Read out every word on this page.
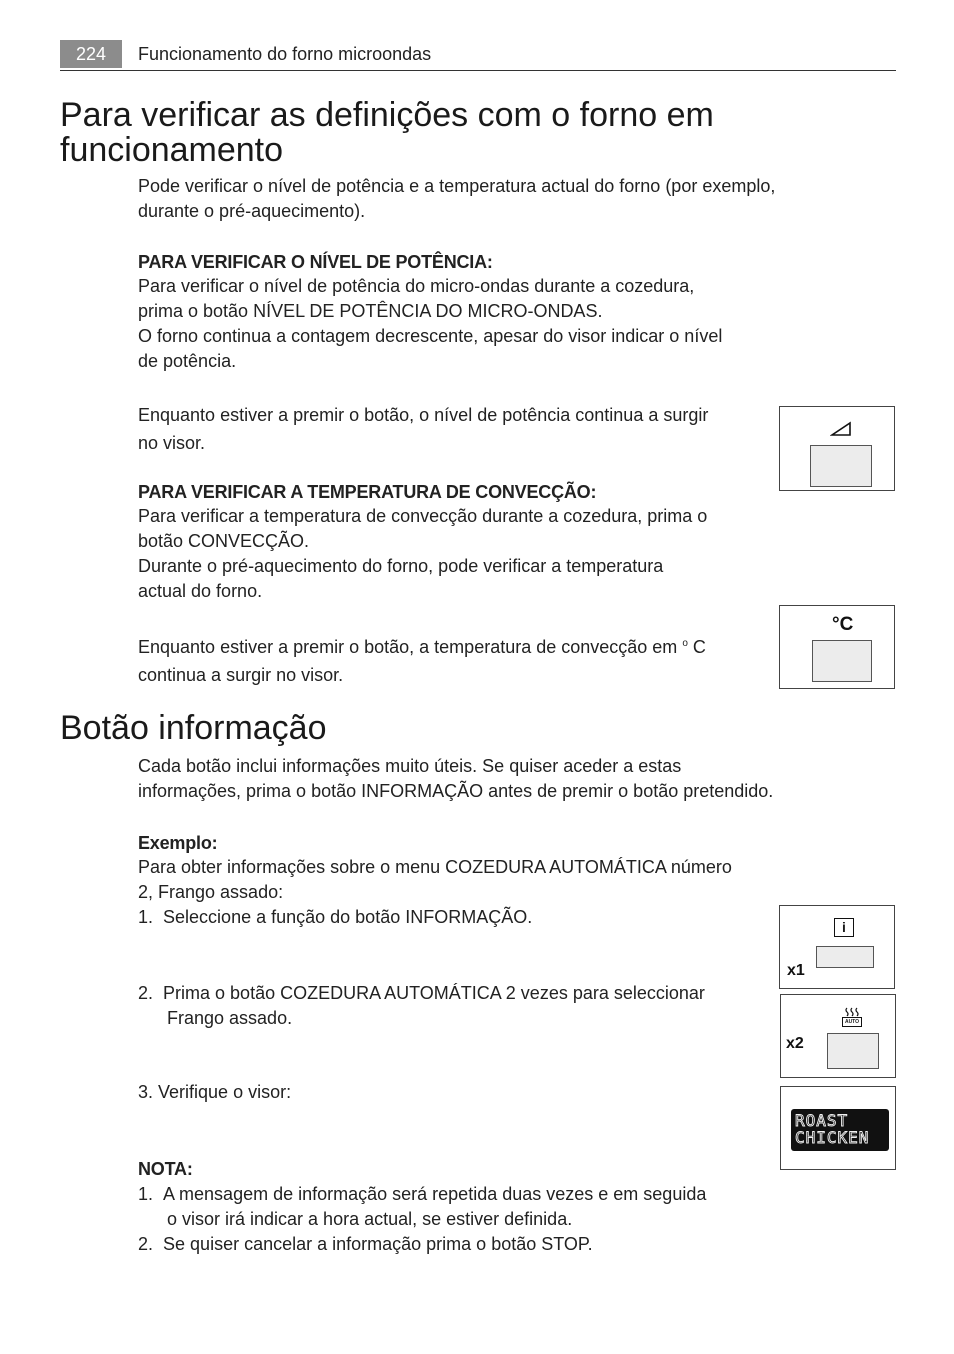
224	Funcionamento do forno microondas
Para verificar as definições com o forno em
funcionamento

Pode verificar o nível de potência e a temperatura actual do forno (por exemplo,
durante o pré-aquecimento).

PARA VERIFICAR O NÍVEL DE POTÊNCIA:

Para verificar o nível de potência do micro-ondas durante a cozedura,
prima o botão NÍVEL DE POTÊNCIA DO MICRO-ONDAS.
O forno continua a contagem decrescente, apesar do visor indicar o nível
de potência.

Enquanto estiver a premir o botão, o nível de potência continua a surgir
no visor.

PARA VERIFICAR A TEMPERATURA DE CONVECÇÃO:

Para verificar a temperatura de convecção durante a cozedura, prima o
botão CONVECÇÃO.
Durante o pré-aquecimento do forno, pode verificar a temperatura
actual do forno.

Enquanto estiver a premir o botão, a temperatura de convecção em $^o$ C
continua a surgir no visor.

°C
Botão informação

Cada botão inclui informações muito úteis. Se quiser aceder a estas
informações, prima o botão INFORMAÇÃO antes de premir o botão pretendido.

Exemplo:

Para obter informações sobre o menu COZEDURA AUTOMÁTICA número
2, Frango assado:

1. Seleccione a função do botão INFORMAÇÃO.

2. Prima o botão COZEDURA AUTOMÁTICA 2 vezes para seleccionar
Frango assado.

3. Verifique o visor:

i
x1
AUTO
x2
ROAST
CHICKEN

NOTA:

1. A mensagem de informação será repetida duas vezes e em seguida
o visor irá indicar a hora actual, se estiver definida.

2. Se quiser cancelar a informação prima o botão STOP.
